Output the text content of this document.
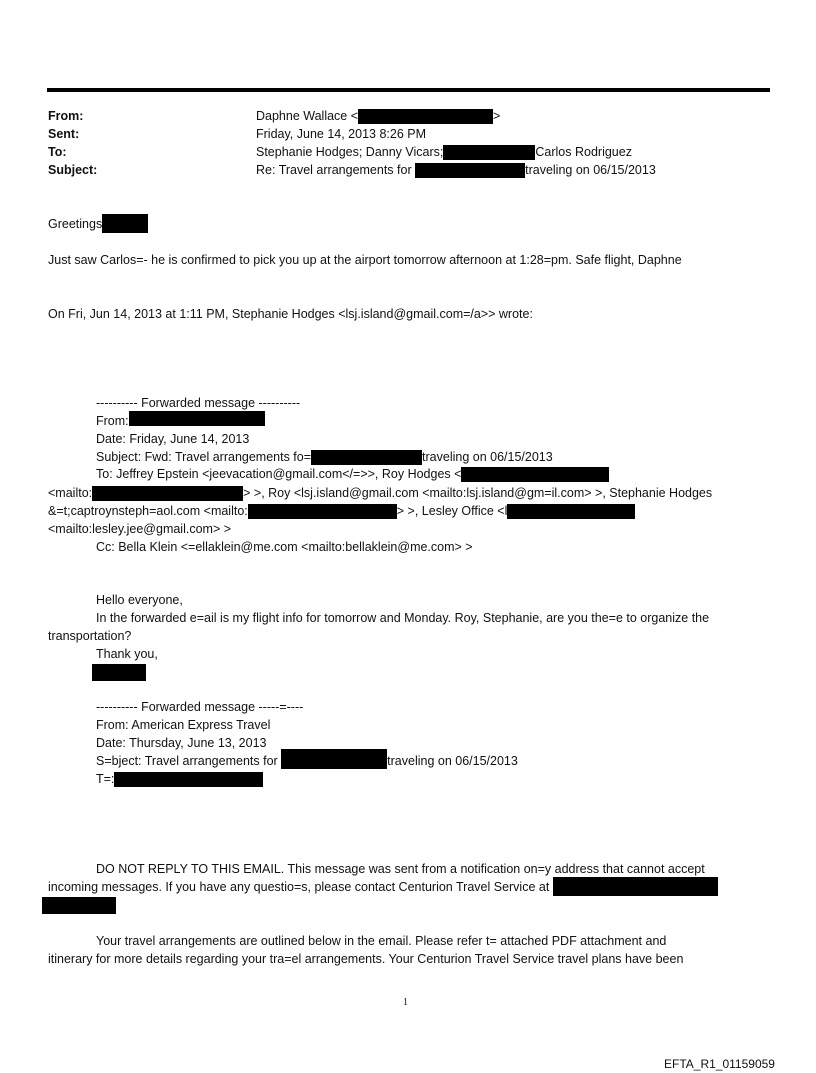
From:	Daphne Wallace <	>
Sent:	Friday, June 14, 2013 8:26 PM
To:	Stephanie Hodges; Danny Vicars;	Carlos Rodriguez
Subject:	Re: Travel arrangements for	traveling on 06/15/2013
Greetings
Just saw Carlos=- he is confirmed to pick you up at the airport tomorrow afternoon at 1:28=pm. Safe flight, Daphne
On Fri, Jun 14, 2013 at 1:11 PM, Stephanie Hodges <lsj.island@gmail.com=/a>> wrote:
---------- Forwarded message ----------
From:
Date: Friday, June 14, 2013
Subject: Fwd: Travel arrangements fo=	traveling on 06/15/2013
To: Jeffrey Epstein <jeevacation@gmail.com</=>>, Roy Hodges <
<mailto:	> >, Roy <lsj.island@gmail.com <mailto:lsj.island@gm=il.com> >, Stephanie Hodges
&=t;captroynsteph=aol.com <mailto:	> >, Lesley Office <l
<mailto:lesley.jee@gmail.com> >
Cc: Bella Klein <=ellaklein@me.com <mailto:bellaklein@me.com> >
Hello everyone,
In the forwarded e=ail is my flight info for tomorrow and Monday. Roy, Stephanie, are you the=e to organize the
transportation?
Thank you,
---------- Forwarded message -----=----
From: American Express Travel
Date: Thursday, June 13, 2013
S=bject: Travel arrangements for	traveling on 06/15/2013
T=:
DO NOT REPLY TO THIS EMAIL. This message was sent from a notification on=y address that cannot accept
incoming messages. If you have any questio=s, please contact Centurion Travel Service at
Your travel arrangements are outlined below in the email. Please refer t= attached PDF attachment and
itinerary for more details regarding your tra=el arrangements. Your Centurion Travel Service travel plans have been
1
EFTA_R1_01159059
